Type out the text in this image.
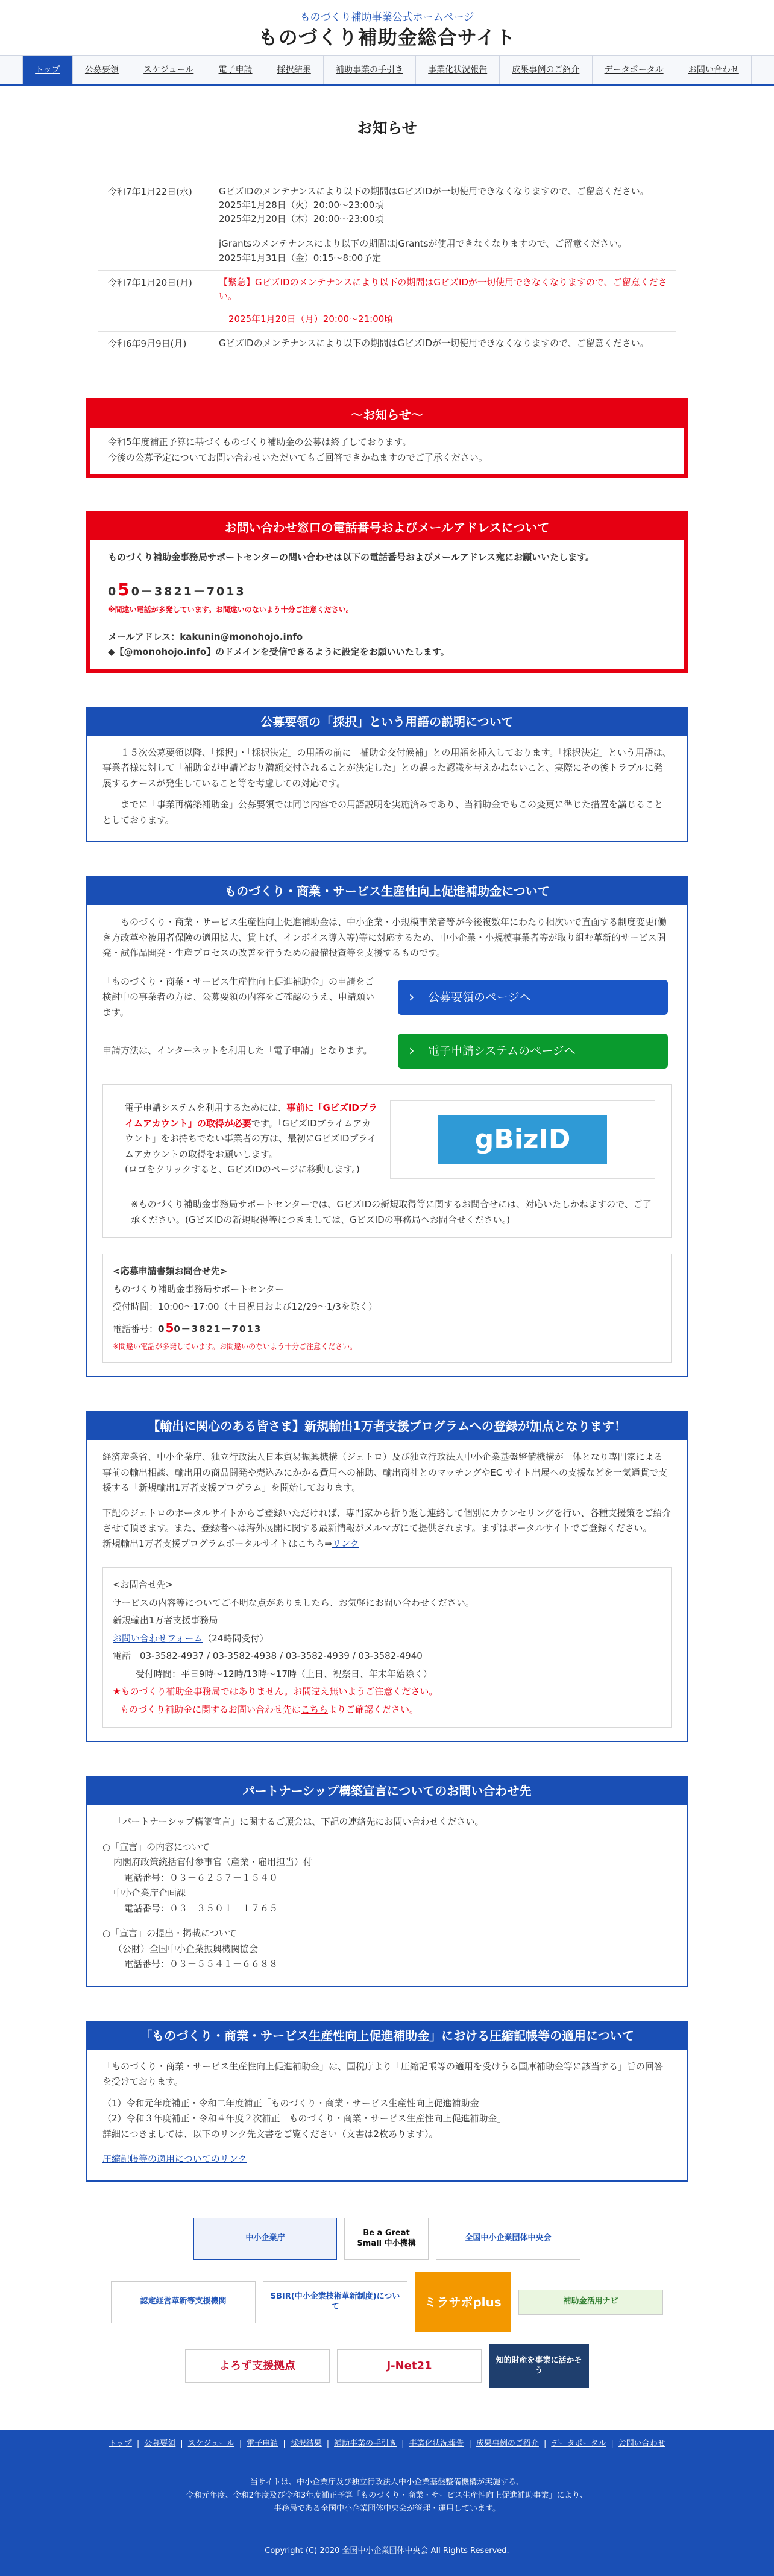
ものづくり補助事業公式ホームページ
ものづくり補助金総合サイト
トップ	公募要領	スケジュール	電子申請	採択結果	補助事業の手引き	事業化状況報告	成果事例のご紹介	データポータル	お問い合わせ
お知らせ
令和7年1月22日(水)	GビズIDのメンテナンスにより以下の期間はGビズIDが一切使用できなくなりますので、ご留意ください。

2025年1月28日（火）20:00～23:00頃

2025年2月20日（木）20:00～23:00頃

jGrantsのメンテナンスにより以下の期間はjGrantsが使用できなくなりますので、ご留意ください。

2025年1月31日（金）0:15～8:00予定

令和7年1月20日(月)	【緊急】GビズIDのメンテナンスにより以下の期間はGビズIDが一切使用できなくなりますので、ご留意ください。

2025年1月20日（月）20:00～21:00頃
令和6年9月9日(月)	GビズIDのメンテナンスにより以下の期間はGビズIDが一切使用できなくなりますので、ご留意ください。

～お知らせ～

令和5年度補正予算に基づくものづくり補助金の公募は終了しております。

今後の公募予定についてお問い合わせいただいてもご回答できかねますのでご了承ください。

お問い合わせ窓口の電話番号およびメールアドレスについて

ものづくり補助金事務局サポートセンターの問い合わせは以下の電話番号およびメールアドレス宛にお願いいたします。

050－3821－7013

※間違い電話が多発しています。お間違いのないよう十分ご注意ください。

メールアドレス：kakunin@monohojo.info

◆【@monohojo.info】のドメインを受信できるように設定をお願いいたします。

公募要領の「採択」という用語の説明について

１５次公募要領以降、「採択」・「採択決定」の用語の前に「補助金交付候補」との用語を挿入しております。「採択決定」という用語は、事業者様に対して「補助金が申請どおり満額交付されることが決定した」との誤った認識を与えかねないこと、実際にその後トラブルに発展するケースが発生していること等を考慮しての対応です。

までに「事業再構築補助金」公募要領では同じ内容での用語説明を実施済みであり、当補助金でもこの変更に準じた措置を講じることとしております。

ものづくり・商業・サービス生産性向上促進補助金について

ものづくり・商業・サービス生産性向上促進補助金は、中小企業・小規模事業者等が今後複数年にわたり相次いで直面する制度変更(働き方改革や被用者保険の適用拡大、賃上げ、インボイス導入等)等に対応するため、中小企業・小規模事業者等が取り組む革新的サービス開発・試作品開発・生産プロセスの改善を行うための設備投資等を支援するものです。

「ものづくり・商業・サービス生産性向上促進補助金」の申請をご検討中の事業者の方は、公募要領の内容をご確認のうえ、申請願います。

› 公募要領のページへ

申請方法は、インターネットを利用した「電子申請」となります。	› 電子申請システムのページへ

電子申請システムを利用するためには、事前に「GビズIDプライムアカウント」の取得が必要です。「GビズIDプライムアカウント」をお持ちでない事業者の方は、最初にGビズIDプライムアカウントの取得をお願いします。
(ロゴをクリックすると、GビズIDのページに移動します。)

gBizID

※ものづくり補助金事務局サポートセンターでは、GビズIDの新規取得等に関するお問合せには、対応いたしかねますので、ご了承ください。(GビズIDの新規取得等につきましては、GビズIDの事務局へお問合せください。)

<応募申請書類お問合せ先>

ものづくり補助金事務局サポートセンター

受付時間：10:00～17:00（土日祝日および12/29～1/3を除く）

電話番号：050－3821－7013

※間違い電話が多発しています。お間違いのないよう十分ご注意ください。

【輸出に関心のある皆さま】新規輸出1万者支援プログラムへの登録が加点となります！

経済産業省、中小企業庁、独立行政法人日本貿易振興機構（ジェトロ）及び独立行政法人中小企業基盤整備機構が一体となり専門家による事前の輸出相談、輸出用の商品開発や売込みにかかる費用への補助、輸出商社とのマッチングやEC サイト出展への支援などを一気通貫で支援する「新規輸出1万者支援プログラム」を開始しております。

下記のジェトロのポータルサイトからご登録いただければ、専門家から折り返し連絡して個別にカウンセリングを行い、各種支援策をご紹介させて頂きます。また、登録者へは海外展開に関する最新情報がメルマガにて提供されます。まずはポータルサイトでご登録ください。

新規輸出1万者支援プログラムポータルサイトはこちら⇒リンク

<お問合せ先>

サービスの内容等についてご不明な点がありましたら、お気軽にお問い合わせください。

新規輸出1万者支援事務局

お問い合わせフォーム（24時間受付）

電話　03-3582-4937 / 03-3582-4938 / 03-3582-4939 / 03-3582-4940

受付時間：平日9時～12時/13時～17時（土日、祝祭日、年末年始除く）

★ものづくり補助金事務局ではありません。お間違え無いようご注意ください。

ものづくり補助金に関するお問い合わせ先はこちらよりご確認ください。

パートナーシップ構築宣言についてのお問い合わせ先

「パートナーシップ構築宣言」に関するご照会は、下記の連絡先にお問い合わせください。

○「宣言」の内容について

内閣府政策統括官付参事官（産業・雇用担当）付

電話番号：０３－６２５７－１５４０

中小企業庁企画課

電話番号：０３－３５０１－１７６５

○「宣言」の提出・掲載について

（公財）全国中小企業振興機関協会

電話番号：０３－５５４１－６６８８

「ものづくり・商業・サービス生産性向上促進補助金」における圧縮記帳等の適用について

「ものづくり・商業・サービス生産性向上促進補助金」は、国税庁より「圧縮記帳等の適用を受けうる国庫補助金等に該当する」旨の回答を受けております。

（1）令和元年度補正・令和二年度補正「ものづくり・商業・サービス生産性向上促進補助金」

（2）令和３年度補正・令和４年度２次補正「ものづくり・商業・サービス生産性向上促進補助金」

詳細につきましては、以下のリンク先文書をご覧ください（文書は2枚あります）。

圧縮記帳等の適用についてのリンク

中小企業庁
Be a Great Small 中小機構
全国中小企業団体中央会
認定経営革新等支援機関
SBIR(中小企業技術革新制度)について	ミラサポplus	補助金活用ナビ
よろず支援拠点	J-Net21	知的財産を事業に活かそう
トップ | 公募要領 | スケジュール | 電子申請 | 採択結果 | 補助事業の手引き | 事業化状況報告 | 成果事例のご紹介 | データポータル | お問い合わせ

当サイトは、中小企業庁及び独立行政法人中小企業基盤整備機構が実施する、

令和元年度、令和2年度及び令和3年度補正予算「ものづくり・商業・サービス生産性向上促進補助事業」により、

事務局である全国中小企業団体中央会が管理・運用しています。

Copyright (C) 2020 全国中小企業団体中央会 All Rights Reserved.
